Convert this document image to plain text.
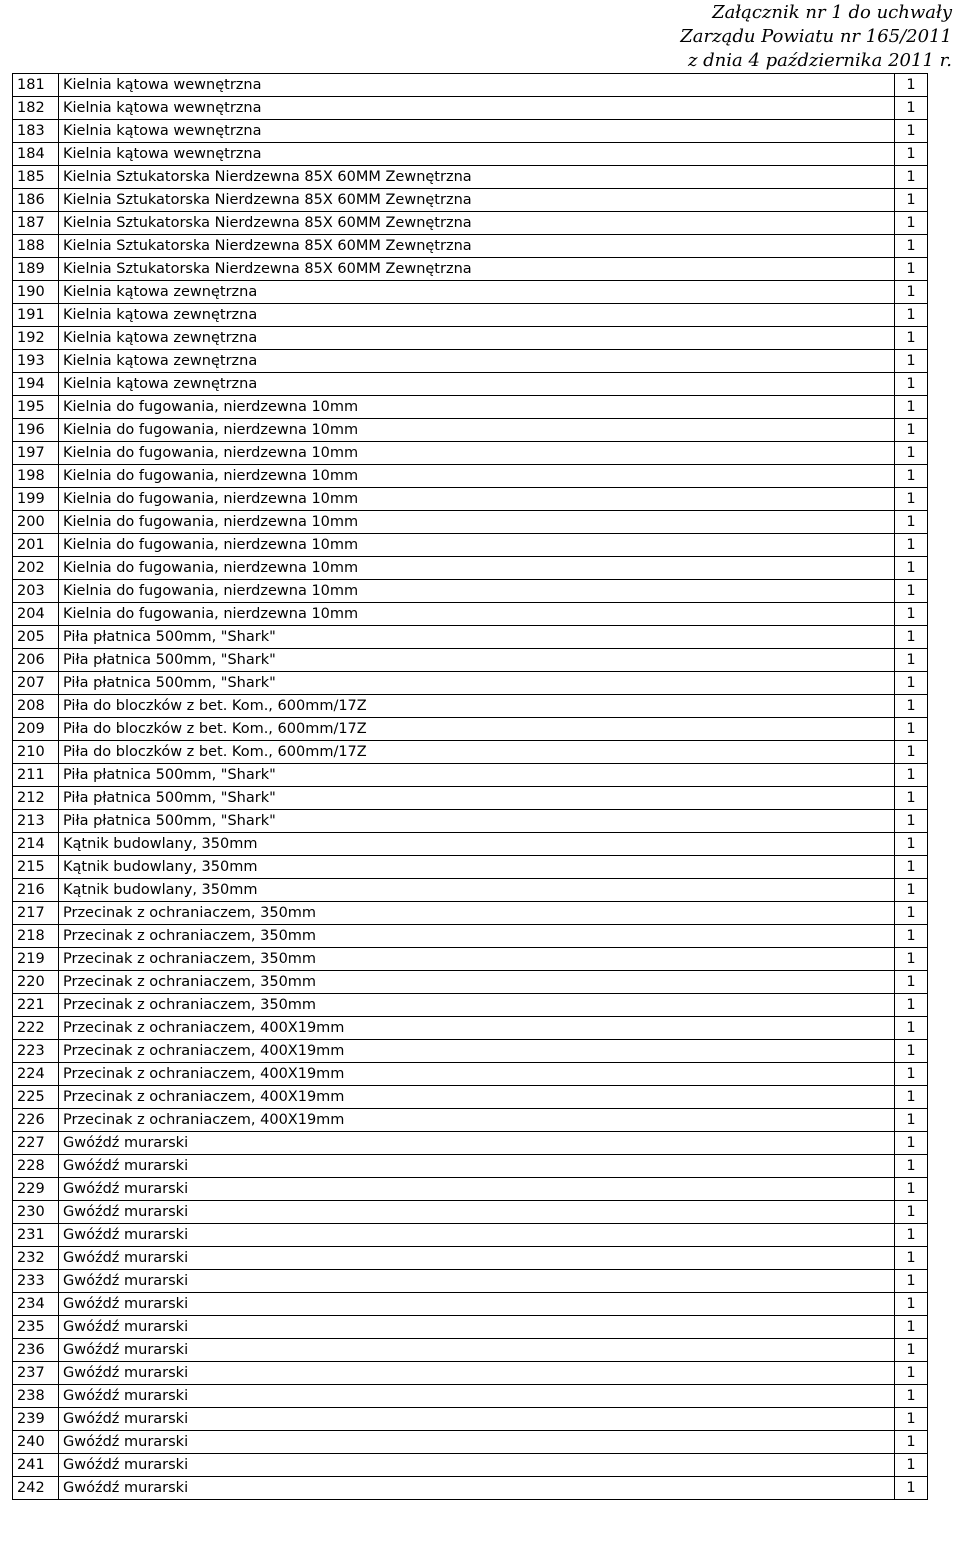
Załącznik nr 1 do uchwały
Zarządu Powiatu nr 165/2011
z dnia 4 października 2011 r.
181	Kielnia kątowa wewnętrzna	1
182	Kielnia kątowa wewnętrzna	1
183	Kielnia kątowa wewnętrzna	1
184	Kielnia kątowa wewnętrzna	1
185	Kielnia Sztukatorska Nierdzewna 85X 60MM Zewnętrzna	1
186	Kielnia Sztukatorska Nierdzewna 85X 60MM Zewnętrzna	1
187	Kielnia Sztukatorska Nierdzewna 85X 60MM Zewnętrzna	1
188	Kielnia Sztukatorska Nierdzewna 85X 60MM Zewnętrzna	1
189	Kielnia Sztukatorska Nierdzewna 85X 60MM Zewnętrzna	1
190	Kielnia kątowa zewnętrzna	1
191	Kielnia kątowa zewnętrzna	1
192	Kielnia kątowa zewnętrzna	1
193	Kielnia kątowa zewnętrzna	1
194	Kielnia kątowa zewnętrzna	1
195	Kielnia do fugowania, nierdzewna 10mm	1
196	Kielnia do fugowania, nierdzewna 10mm	1
197	Kielnia do fugowania, nierdzewna 10mm	1
198	Kielnia do fugowania, nierdzewna 10mm	1
199	Kielnia do fugowania, nierdzewna 10mm	1
200	Kielnia do fugowania, nierdzewna 10mm	1
201	Kielnia do fugowania, nierdzewna 10mm	1
202	Kielnia do fugowania, nierdzewna 10mm	1
203	Kielnia do fugowania, nierdzewna 10mm	1
204	Kielnia do fugowania, nierdzewna 10mm	1
205	Piła płatnica 500mm, "Shark"	1
206	Piła płatnica 500mm, "Shark"	1
207	Piła płatnica 500mm, "Shark"	1
208	Piła do bloczków z bet. Kom., 600mm/17Z	1
209	Piła do bloczków z bet. Kom., 600mm/17Z	1
210	Piła do bloczków z bet. Kom., 600mm/17Z	1
211	Piła płatnica 500mm, "Shark"	1
212	Piła płatnica 500mm, "Shark"	1
213	Piła płatnica 500mm, "Shark"	1
214	Kątnik budowlany, 350mm	1
215	Kątnik budowlany, 350mm	1
216	Kątnik budowlany, 350mm	1
217	Przecinak z ochraniaczem, 350mm	1
218	Przecinak z ochraniaczem, 350mm	1
219	Przecinak z ochraniaczem, 350mm	1
220	Przecinak z ochraniaczem, 350mm	1
221	Przecinak z ochraniaczem, 350mm	1
222	Przecinak z ochraniaczem, 400X19mm	1
223	Przecinak z ochraniaczem, 400X19mm	1
224	Przecinak z ochraniaczem, 400X19mm	1
225	Przecinak z ochraniaczem, 400X19mm	1
226	Przecinak z ochraniaczem, 400X19mm	1
227	Gwóźdź murarski	1
228	Gwóźdź murarski	1
229	Gwóźdź murarski	1
230	Gwóźdź murarski	1
231	Gwóźdź murarski	1
232	Gwóźdź murarski	1
233	Gwóźdź murarski	1
234	Gwóźdź murarski	1
235	Gwóźdź murarski	1
236	Gwóźdź murarski	1
237	Gwóźdź murarski	1
238	Gwóźdź murarski	1
239	Gwóźdź murarski	1
240	Gwóźdź murarski	1
241	Gwóźdź murarski	1
242	Gwóźdź murarski	1
